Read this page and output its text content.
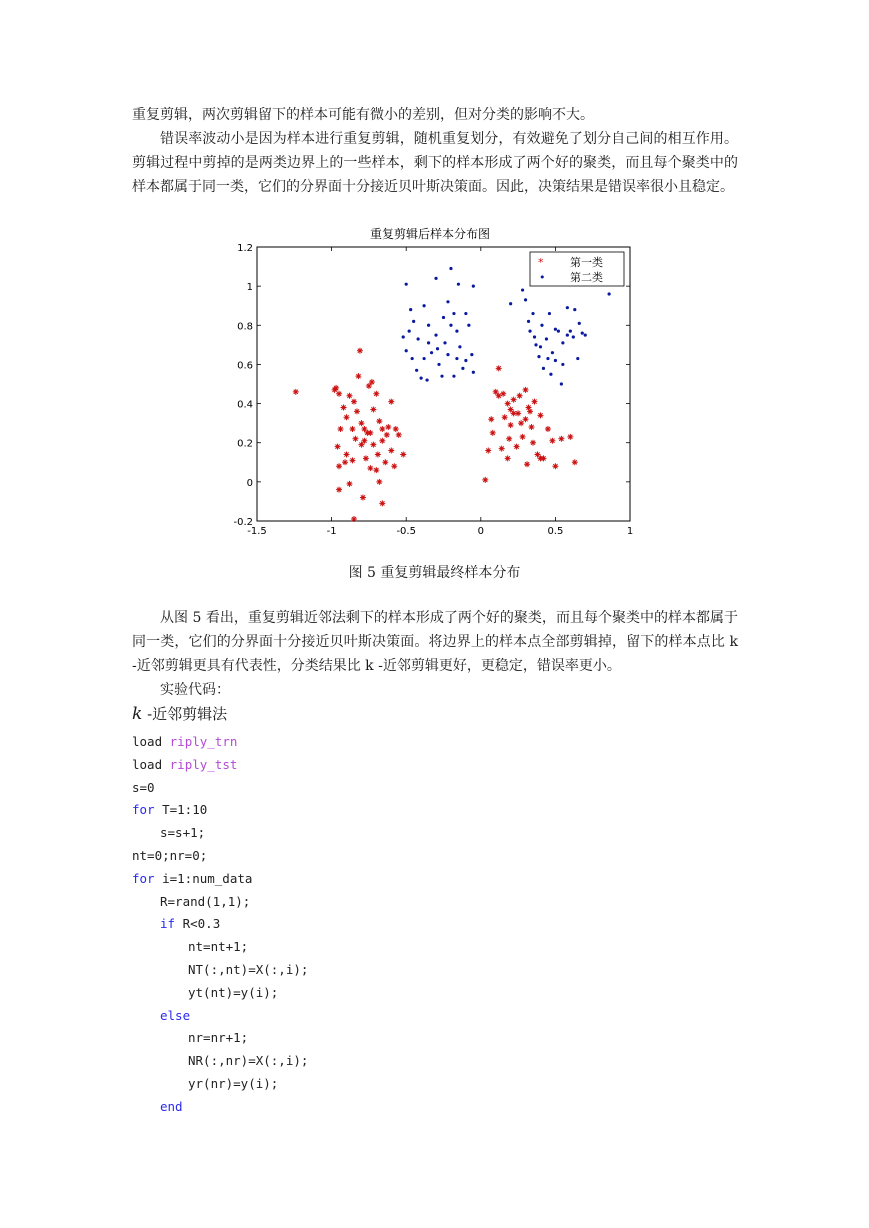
重复剪辑，两次剪辑留下的样本可能有微小的差别，但对分类的影响不大。

错误率波动小是因为样本进行重复剪辑，随机重复划分，有效避免了划分自己间的相互作用。剪辑过程中剪掉的是两类边界上的一些样本，剩下的样本形成了两个好的聚类，而且每个聚类中的样本都属于同一类，它们的分界面十分接近贝叶斯决策面。因此，决策结果是错误率很小且稳定。

重复剪辑后样本分布图
-1.5	-1	-0.5	0	0.5	1
-0.2
0
0.2
0.4
0.6
0.8
1
1.2
* 第一类
• 第二类

图 5 重复剪辑最终样本分布

从图 5 看出，重复剪辑近邻法剩下的样本形成了两个好的聚类，而且每个聚类中的样本都属于同一类，它们的分界面十分接近贝叶斯决策面。将边界上的样本点全部剪辑掉，留下的样本点比 k -近邻剪辑更具有代表性，分类结果比 k -近邻剪辑更好，更稳定，错误率更小。

实验代码：

k -近邻剪辑法

load riply_trn
load riply_tst
s=0
for T=1:10
s=s+1;
nt=0;nr=0;
for i=1:num_data
R=rand(1,1);
if R<0.3
nt=nt+1;
NT(:,nt)=X(:,i);
yt(nt)=y(i);
else
nr=nr+1;
NR(:,nr)=X(:,i);
yr(nr)=y(i);
end
